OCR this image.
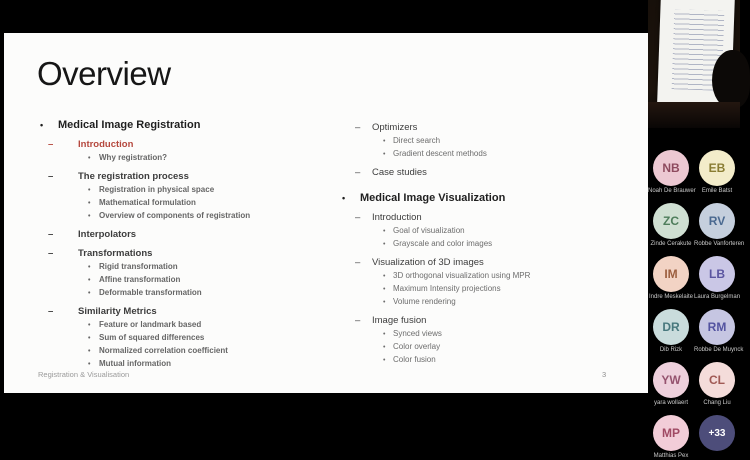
Overview
•	Medical Image Registration
–	Introduction
•	Why registration?
–	The registration process
•	Registration in physical space
•	Mathematical formulation
•	Overview of components of registration
–	Interpolators
–	Transformations
•	Rigid transformation
•	Affine transformation
•	Deformable transformation
–	Similarity Metrics
•	Feature or landmark based
•	Sum of squared differences
•	Normalized correlation coefficient
•	Mutual information
–	Optimizers
• Direct search
• Gradient descent methods
–	Case studies
•	Medical Image Visualization
–	Introduction
• Goal of visualization
• Grayscale and color images
–	Visualization of 3D images
• 3D orthogonal visualization using MPR
• Maximum Intensity projections
• Volume rendering
–	Image fusion
• Synced views
• Color overlay
• Color fusion
Registration & Visualisation	3
NB
Noah De Brauwer
EB
Emile Batst
ZC
Zinde Cerakute
RV
Robbe Vanforteren
IM
Indre Meskelaite
LB
Laura Burgelman
DR
Dib Rizk
RM
Robbe De Muynck
YW
yara wollaert
CL
Chang Liu
MP
Matthias Pex
+33
